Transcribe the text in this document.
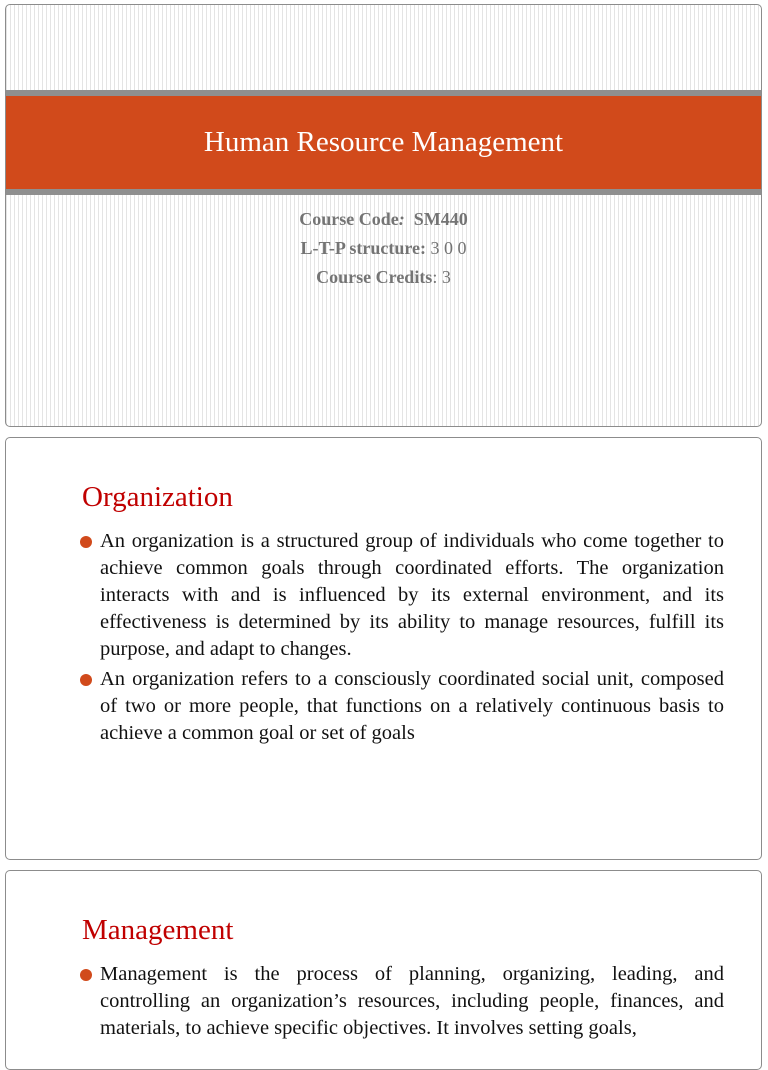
Human Resource Management
Course Code: SM440
L-T-P structure: 3 0 0
Course Credits: 3
Organization
An organization is a structured group of individuals who come together to achieve common goals through coordinated efforts. The organization interacts with and is influenced by its external environment, and its effectiveness is determined by its ability to manage resources, fulfill its purpose, and adapt to changes.
An organization refers to a consciously coordinated social unit, composed of two or more people, that functions on a relatively continuous basis to achieve a common goal or set of goals
Management
Management is the process of planning, organizing, leading, and controlling an organization’s resources, including people, finances, and materials, to achieve specific objectives. It involves setting goals,
